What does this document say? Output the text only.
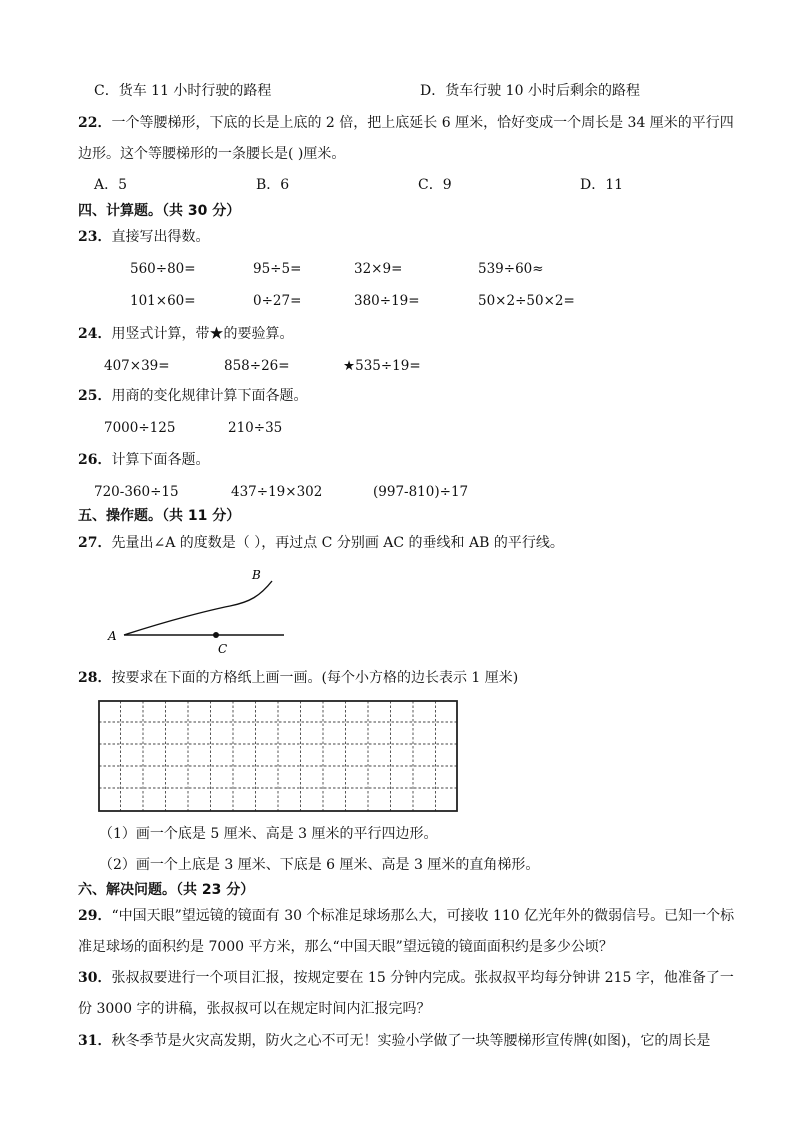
C．货车 11 小时行驶的路程	D．货车行驶 10 小时后剩余的路程
22．一个等腰梯形，下底的长是上底的 2 倍，把上底延长 6 厘米，恰好变成一个周长是 34 厘米的平行四
边形。这个等腰梯形的一条腰长是( )厘米。
A．5	B．6	C．9	D．11
四、计算题。（共 30 分）
23．直接写出得数。
560÷80=	95÷5=	32×9=	539÷60≈
101×60=	0÷27=	380÷19=	50×2÷50×2=
24．用竖式计算，带★的要验算。
407×39=	858÷26=	★535÷19=
25．用商的变化规律计算下面各题。
7000÷125	210÷35
26．计算下面各题。
720-360÷15	437÷19×302	(997-810)÷17
五、操作题。（共 11 分）
27．先量出∠A 的度数是（ ），再过点 C 分别画 AC 的垂线和 AB 的平行线。
A
B
C
28．按要求在下面的方格纸上画一画。(每个小方格的边长表示 1 厘米)
（1）画一个底是 5 厘米、高是 3 厘米的平行四边形。
（2）画一个上底是 3 厘米、下底是 6 厘米、高是 3 厘米的直角梯形。
六、解决问题。（共 23 分）
29．“中国天眼”望远镜的镜面有 30 个标准足球场那么大，可接收 110 亿光年外的微弱信号。已知一个标
准足球场的面积约是 7000 平方米，那么“中国天眼”望远镜的镜面面积约是多少公顷？
30．张叔叔要进行一个项目汇报，按规定要在 15 分钟内完成。张叔叔平均每分钟讲 215 字，他准备了一
份 3000 字的讲稿，张叔叔可以在规定时间内汇报完吗？
31．秋冬季节是火灾高发期，防火之心不可无！实验小学做了一块等腰梯形宣传牌(如图)，它的周长是
